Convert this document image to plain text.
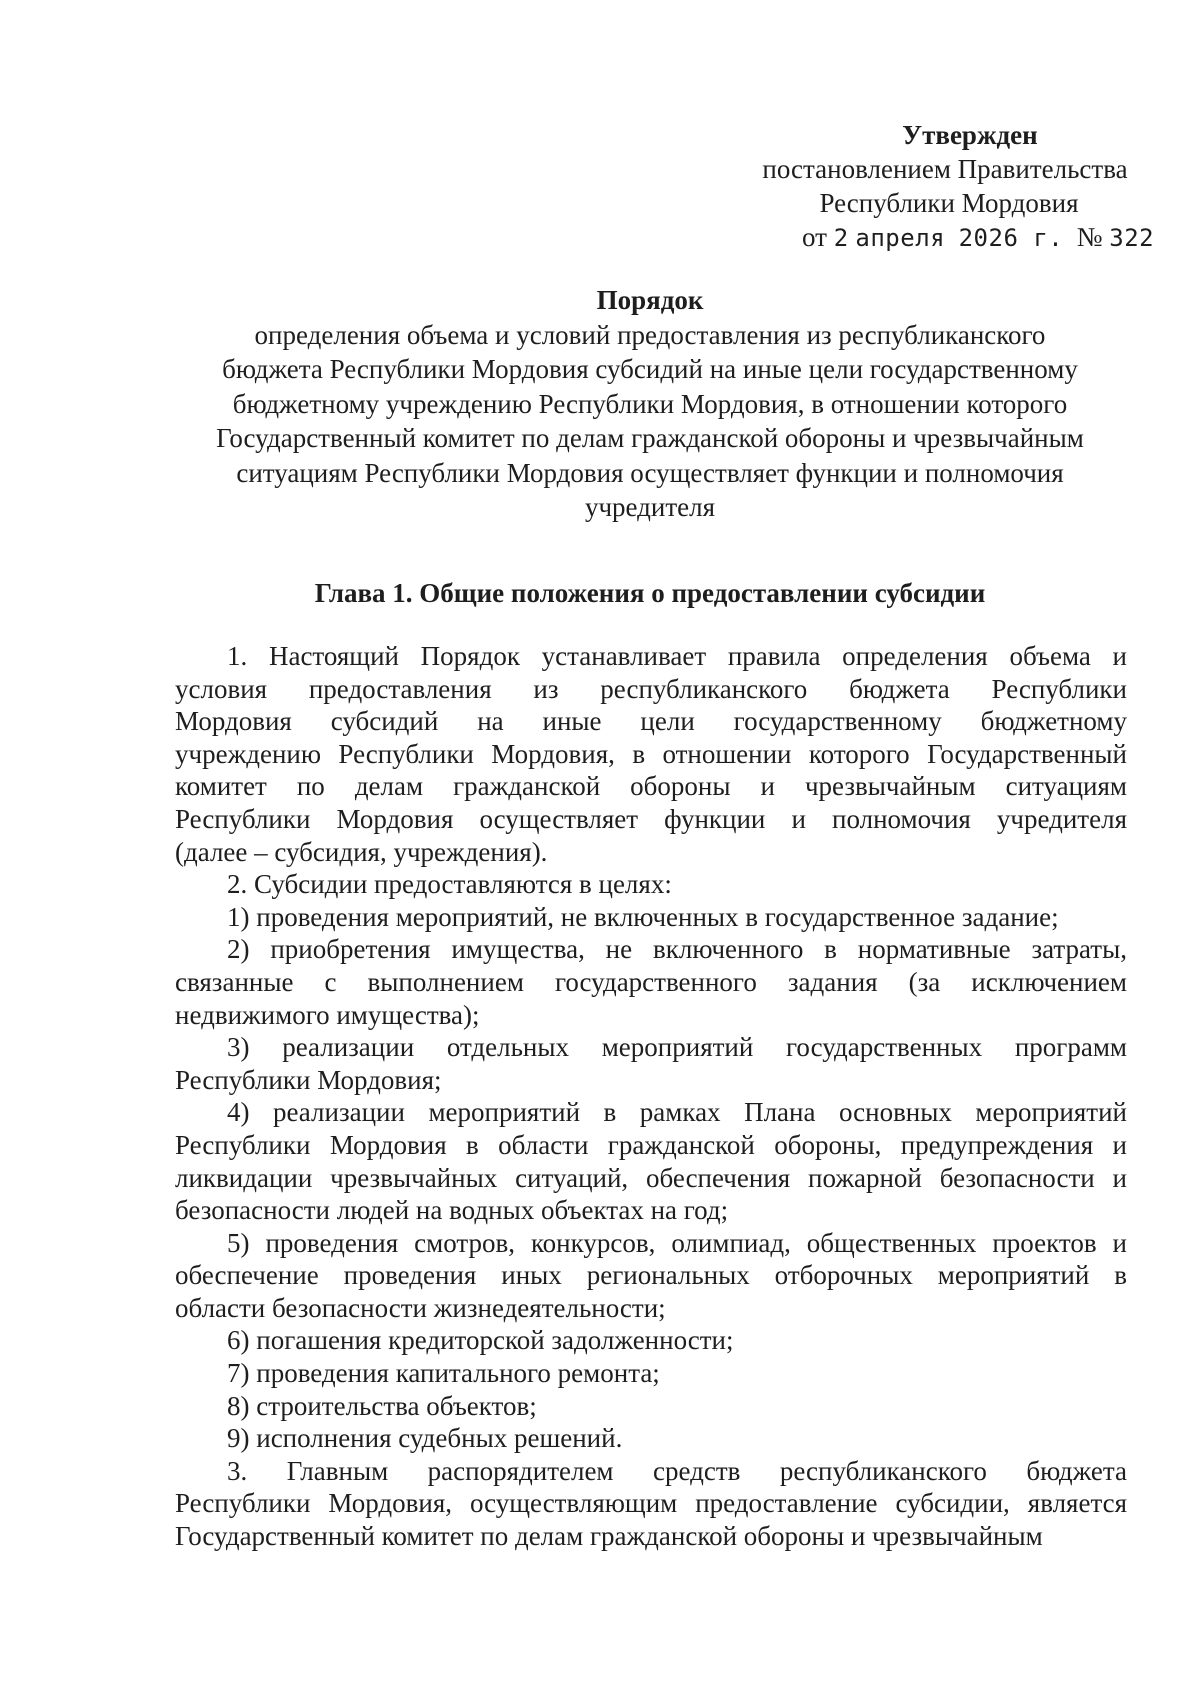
Утвержден
постановлением Правительства
Республики Мордовия
от 2 апреля 2026 г. № 322
Порядок
определения объема и условий предоставления из республиканского
бюджета Республики Мордовия субсидий на иные цели государственному
бюджетному учреждению Республики Мордовия, в отношении которого
Государственный комитет по делам гражданской обороны и чрезвычайным
ситуациям Республики Мордовия осуществляет функции и полномочия
учредителя
Глава 1. Общие положения о предоставлении субсидии

1. Настоящий Порядок устанавливает правила определения объема и

условия предоставления из республиканского бюджета Республики

Мордовия субсидий на иные цели государственному бюджетному

учреждению Республики Мордовия, в отношении которого Государственный

комитет по делам гражданской обороны и чрезвычайным ситуациям

Республики Мордовия осуществляет функции и полномочия учредителя

(далее – субсидия, учреждения).

2. Субсидии предоставляются в целях:

1) проведения мероприятий, не включенных в государственное задание;

2) приобретения имущества, не включенного в нормативные затраты,

связанные с выполнением государственного задания (за исключением

недвижимого имущества);

3) реализации отдельных мероприятий государственных программ

Республики Мордовия;

4) реализации мероприятий в рамках Плана основных мероприятий

Республики Мордовия в области гражданской обороны, предупреждения и

ликвидации чрезвычайных ситуаций, обеспечения пожарной безопасности и

безопасности людей на водных объектах на год;

5) проведения смотров, конкурсов, олимпиад, общественных проектов и

обеспечение проведения иных региональных отборочных мероприятий в

области безопасности жизнедеятельности;

6) погашения кредиторской задолженности;

7) проведения капитального ремонта;

8) строительства объектов;

9) исполнения судебных решений.

3. Главным распорядителем средств республиканского бюджета

Республики Мордовия, осуществляющим предоставление субсидии, является

Государственный комитет по делам гражданской обороны и чрезвычайным
